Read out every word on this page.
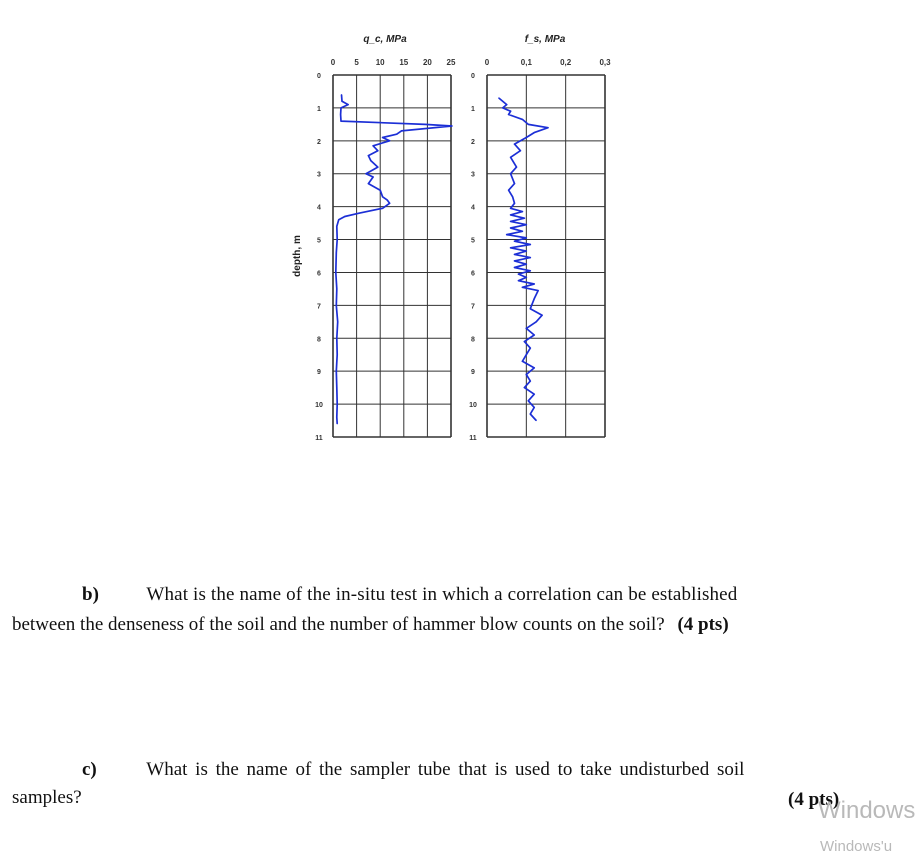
q_c, MPa
0 5 10 15 20 25
0
1
2
3
4
5
6
7
8
9
10
11
depth, m
f_s, MPa
0	0,1	0,2	0,3
0
1
2
3
4
5
6
7
8
9
10
11
b)	What is the name of the in-situ test in which a correlation can be established
between the denseness of the soil and the number of hammer blow counts on the soil? (4 pts)
c)	What is the name of the sampler tube that is used to take undisturbed soil
samples?	(4 pts)
Windows
Windows'u
